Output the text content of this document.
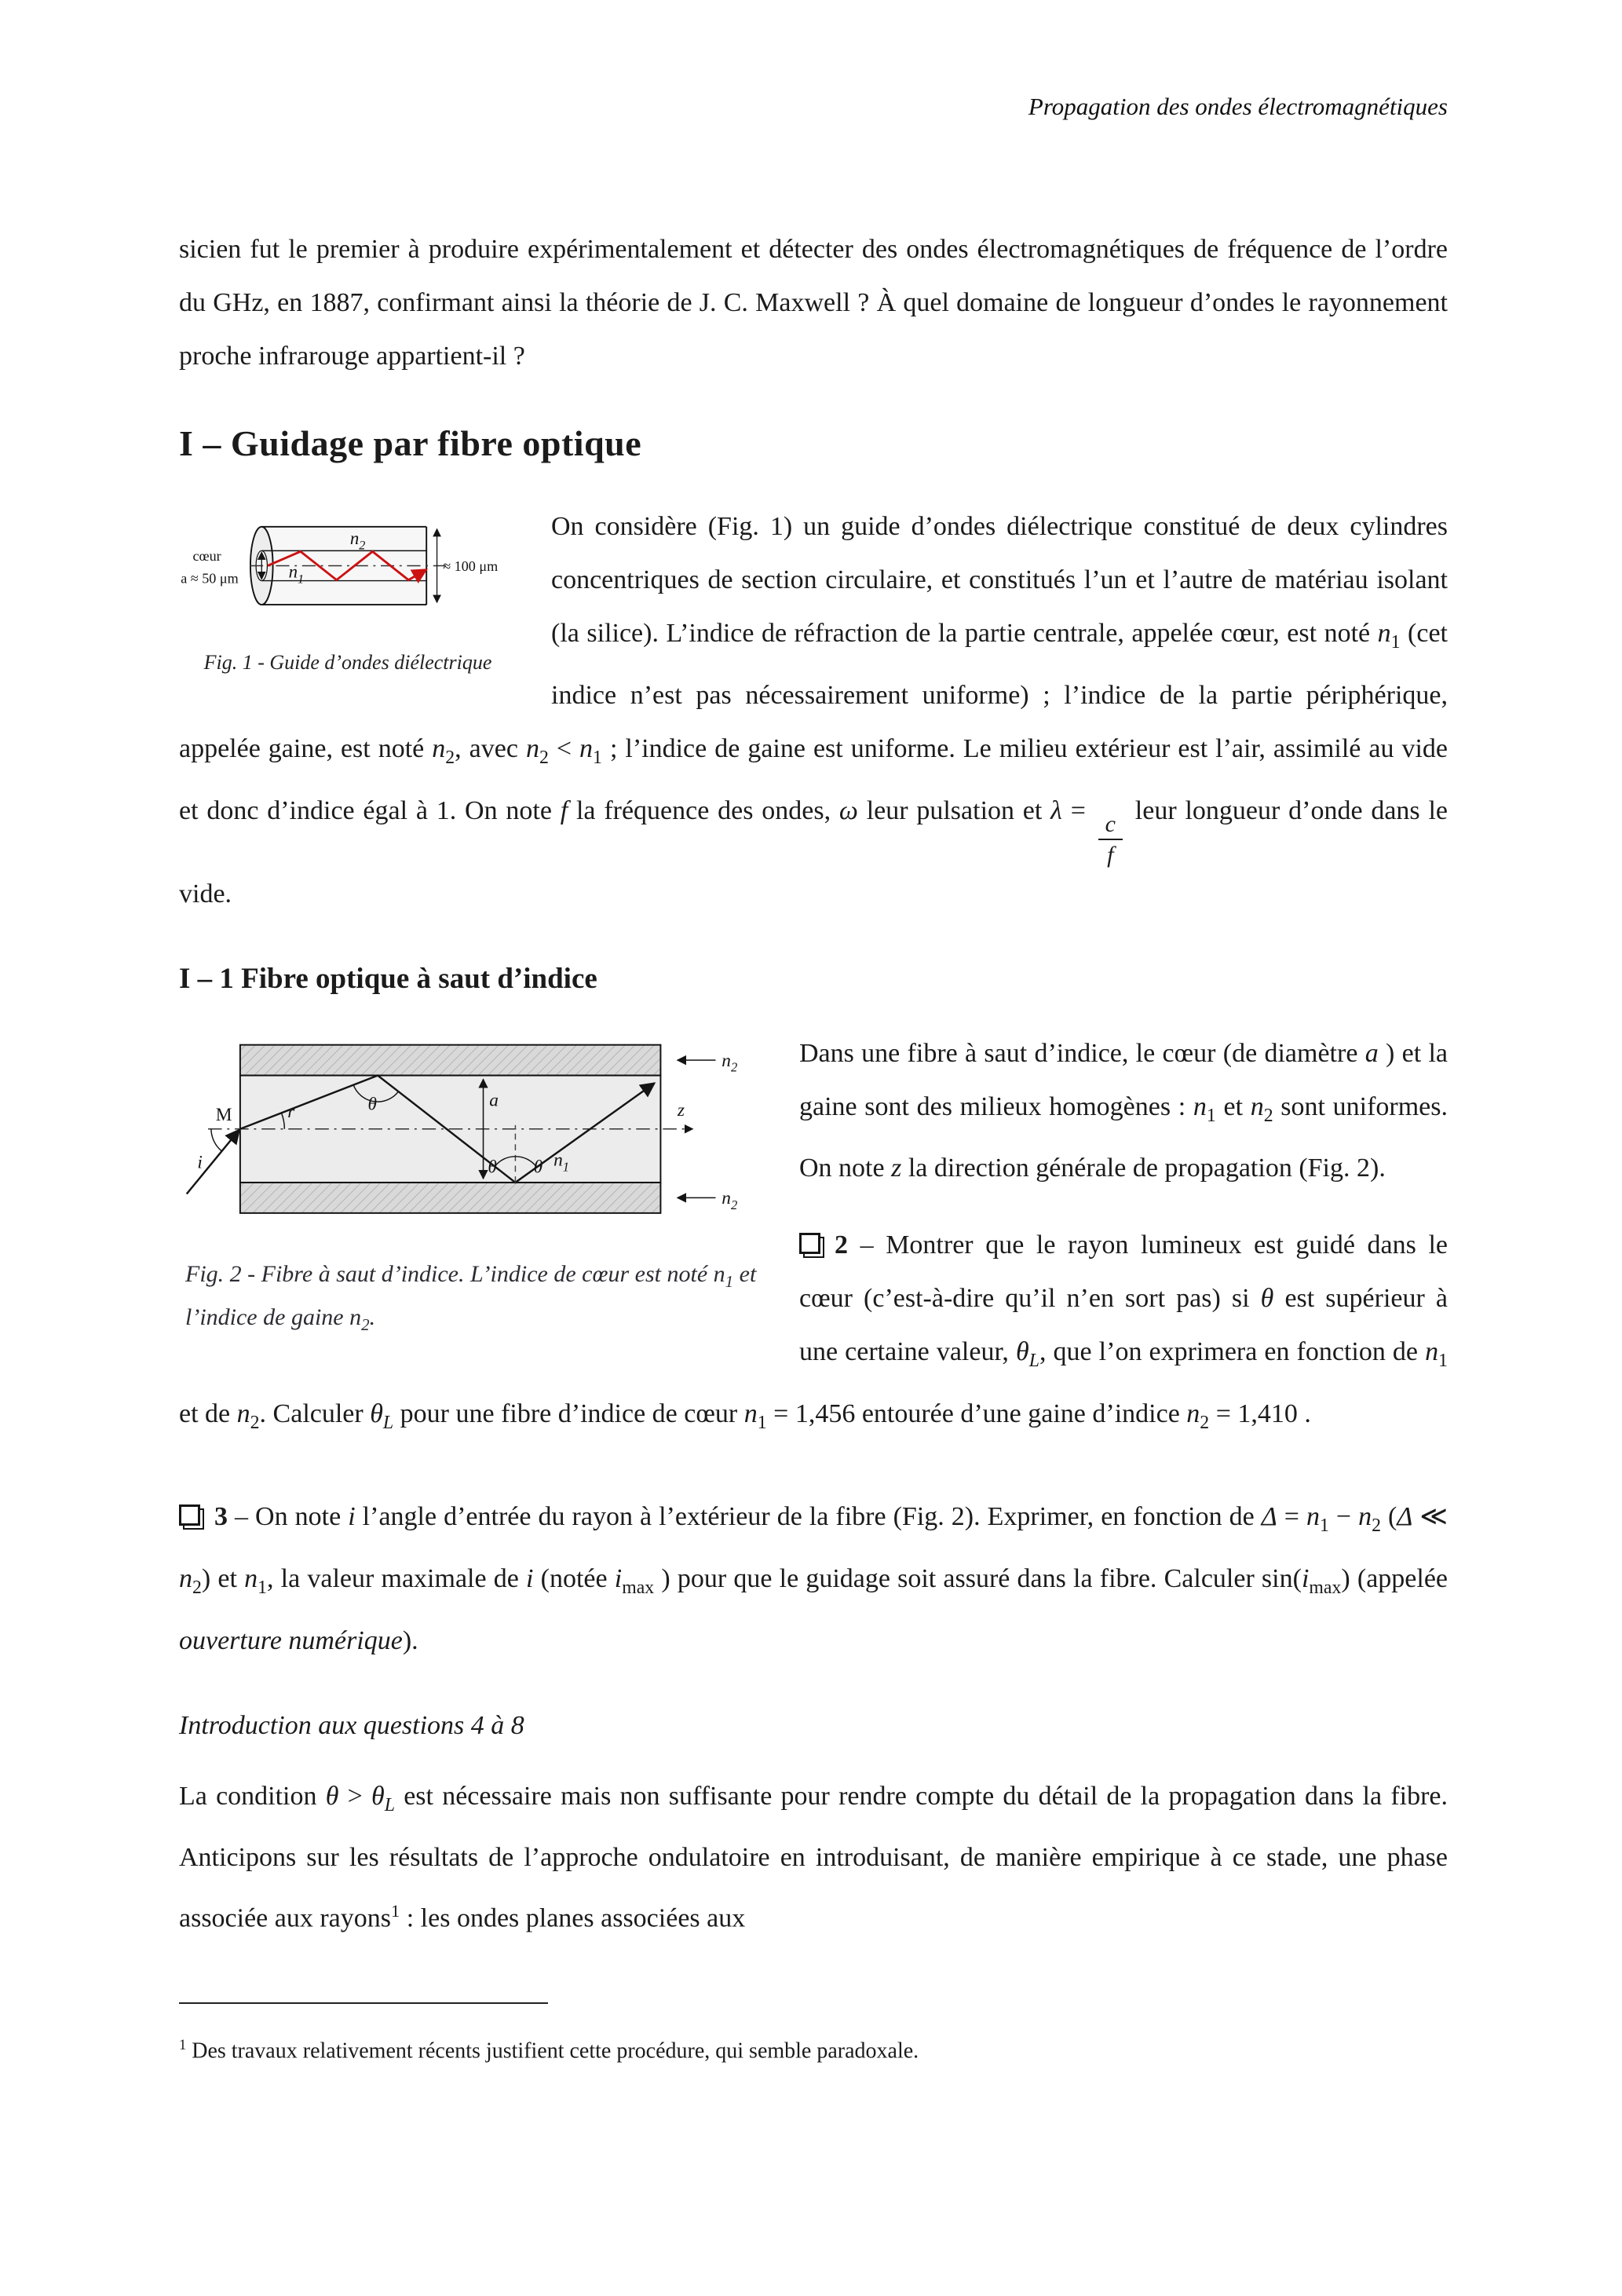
Propagation des ondes électromagnétiques

sicien fut le premier à produire expérimentalement et détecter des ondes électromagnétiques de fréquence de l’ordre du GHz, en 1887, confirmant ainsi la théorie de J. C. Maxwell ? À quel domaine de longueur d’ondes le rayonnement proche infrarouge appartient-il ?

I – Guidage par fibre optique
$n_2$
$n_1$
cœur
a ≈ 50 μm
≈ 100 μm
Fig. 1 - Guide d’ondes diélectrique

On considère (Fig. 1) un guide d’ondes diélectrique constitué de deux cylindres concentriques de section circulaire, et constitués l’un et l’autre de matériau isolant (la silice). L’indice de réfraction de la partie centrale, appelée cœur, est noté $n_1$ (cet indice n’est pas nécessairement uniforme) ; l’indice de la partie périphérique, appelée gaine, est noté $n_2$, avec $n_2 < n_1$ ; l’indice de gaine est uniforme. Le milieu extérieur est l’air, assimilé au vide et donc d’indice égal à 1. On note f la fréquence des ondes, ω leur pulsation et λ =
$\frac{c}{f}$
leur longueur d’onde dans le vide.

I – 1 Fibre optique à saut d’indice
z
M
i
r	θ
θ θ
a
$n_1$
$n_2$
$n_2$
Fig. 2 - Fibre à saut d’indice. L’indice de cœur est noté $n_1$ et l’indice de gaine $n_2$.

Dans une fibre à saut d’indice, le cœur (de diamètre a ) et la gaine sont des milieux homogènes : $n_1$ et $n_2$ sont uniformes. On note z la direction générale de propagation (Fig. 2).

2 – Montrer que le rayon lumineux est guidé dans le cœur (c’est-à-dire qu’il n’en sort pas) si θ est supérieur à une certaine valeur, $\theta_L$, que l’on exprimera en fonction de $n_1$ et de $n_2$. Calculer $\theta_L$ pour une fibre d’indice de cœur $n_1 = 1,456$ entourée d’une gaine d’indice $n_2 = 1,410$ .

3 – On note i l’angle d’entrée du rayon à l’extérieur de la fibre (Fig. 2). Exprimer, en fonction de $\Delta = n_1 - n_2$ (Δ ≪ $n_2$) et $n_1$, la valeur maximale de i (notée $i_{max}$ ) pour que le guidage soit assuré dans la fibre. Calculer $\sin(i_{max})$ (appelée ouverture numérique).

Introduction aux questions 4 à 8

La condition $\theta > \theta_L$ est nécessaire mais non suffisante pour rendre compte du détail de la propagation dans la fibre. Anticipons sur les résultats de l’approche ondulatoire en introduisant, de manière empirique à ce stade, une phase associée aux rayons$^1$ : les ondes planes associées aux

$^1$ Des travaux relativement récents justifient cette procédure, qui semble paradoxale.
